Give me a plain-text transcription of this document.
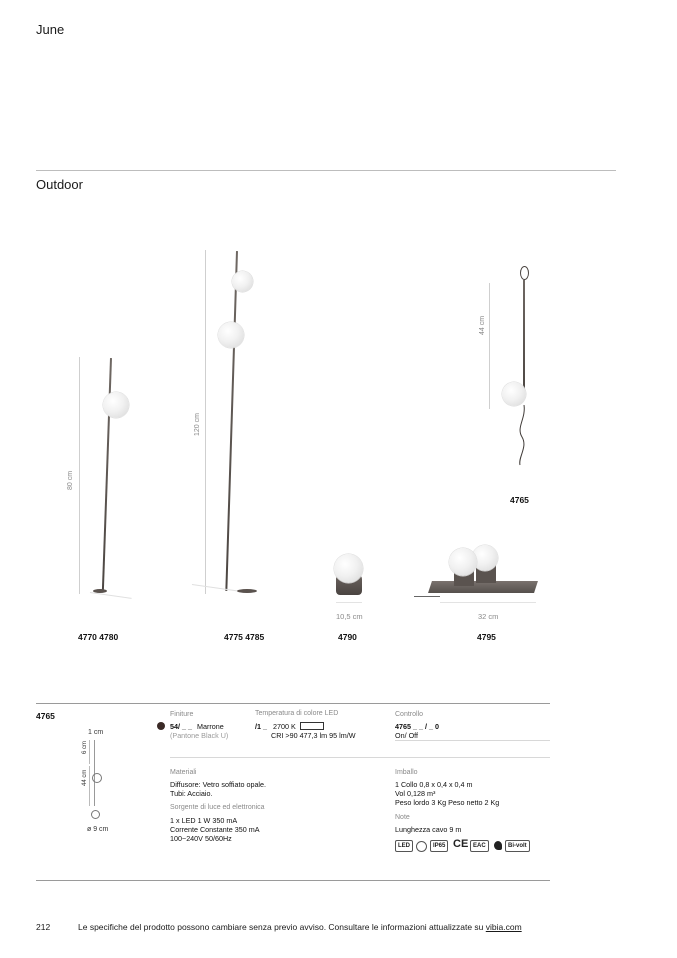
June
Outdoor
80 cm
4770 4780
120 cm
4775 4785
10,5 cm
4790
32 cm
4795
44 cm
4765
4765
1 cm
6 cm
44 cm
ø 9 cm
Finiture
54/ _ _ Marrone
(Pantone Black U)
Temperatura di colore LED
/1 _ 2700 K
CRI >90 477,3 lm 95 lm/W
Controllo
4765 _ _ / _ 0
On/ Off
Materiali
Diffusore: Vetro soffiato opale.
Tubi: Acciaio.
Sorgente di luce ed elettronica
1 x LED 1 W 350 mA
Corrente Constante 350 mA
100~240V 50/60Hz
Imballo
1 Collo 0,8 x 0,4 x 0,4 m
Vol 0,128 m³
Peso lordo 3 Kg Peso netto 2 Kg
Note
Lunghezza cavo 9 m
LED	IP65 CE EAC	Bi-volt
212	Le specifiche del prodotto possono cambiare senza previo avviso. Consultare le informazioni attualizzate su vibia.com
